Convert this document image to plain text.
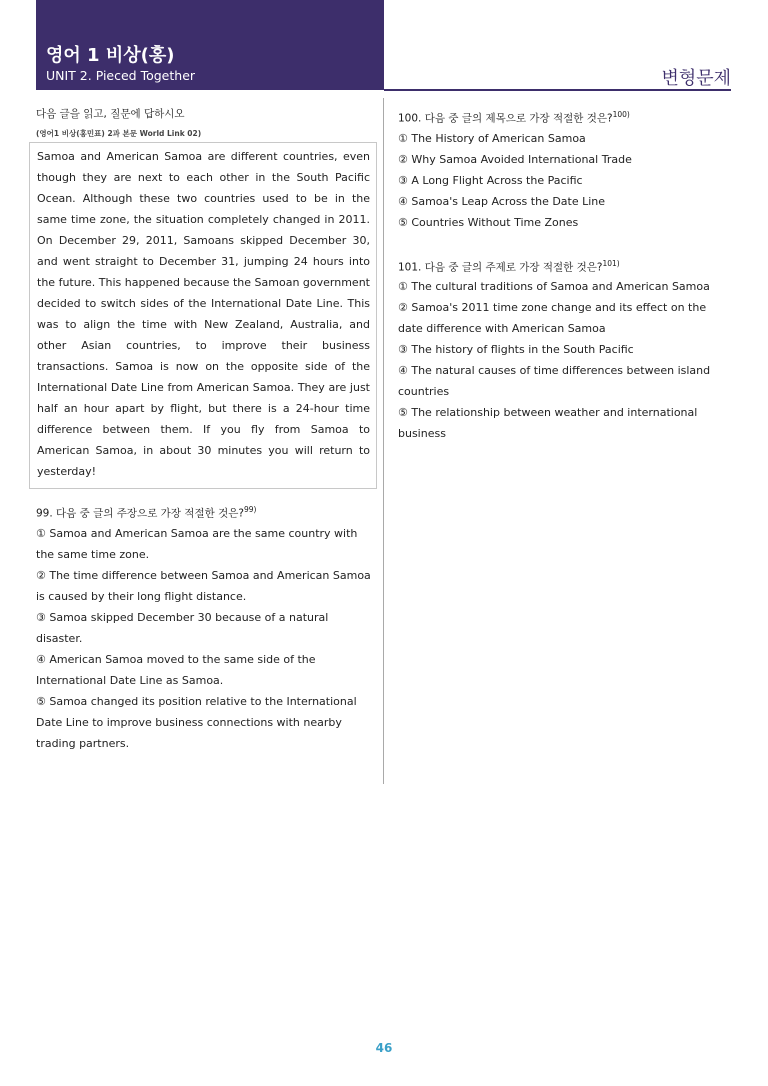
영어 1 비상(홍)
UNIT 2. Pieced Together	변형문제
다음 글을 읽고, 질문에 답하시오
(영어1 비상(홍민표) 2과 본문 World Link 02)
Samoa and American Samoa are different countries, even though they are next to each other in the South Pacific Ocean. Although these two countries used to be in the same time zone, the situation completely changed in 2011. On December 29, 2011, Samoans skipped December 30, and went straight to December 31, jumping 24 hours into the future. This happened because the Samoan government decided to switch sides of the International Date Line. This was to align the time with New Zealand, Australia, and other Asian countries, to improve their business transactions. Samoa is now on the opposite side of the International Date Line from American Samoa. They are just half an hour apart by flight, but there is a 24-hour time difference between them. If you fly from Samoa to American Samoa, in about 30 minutes you will return to yesterday!
99. 다음 중 글의 주장으로 가장 적절한 것은?$^{99)}$
① Samoa and American Samoa are the same country with the same time zone.
② The time difference between Samoa and American Samoa is caused by their long flight distance.
③ Samoa skipped December 30 because of a natural disaster.
④ American Samoa moved to the same side of the International Date Line as Samoa.
⑤ Samoa changed its position relative to the International Date Line to improve business connections with nearby trading partners.
100. 다음 중 글의 제목으로 가장 적절한 것은?$^{100)}$
① The History of American Samoa
② Why Samoa Avoided International Trade
③ A Long Flight Across the Pacific
④ Samoa's Leap Across the Date Line
⑤ Countries Without Time Zones
101. 다음 중 글의 주제로 가장 적절한 것은?$^{101)}$
① The cultural traditions of Samoa and American Samoa
② Samoa's 2011 time zone change and its effect on the date difference with American Samoa
③ The history of flights in the South Pacific
④ The natural causes of time differences between island countries
⑤ The relationship between weather and international business
46
